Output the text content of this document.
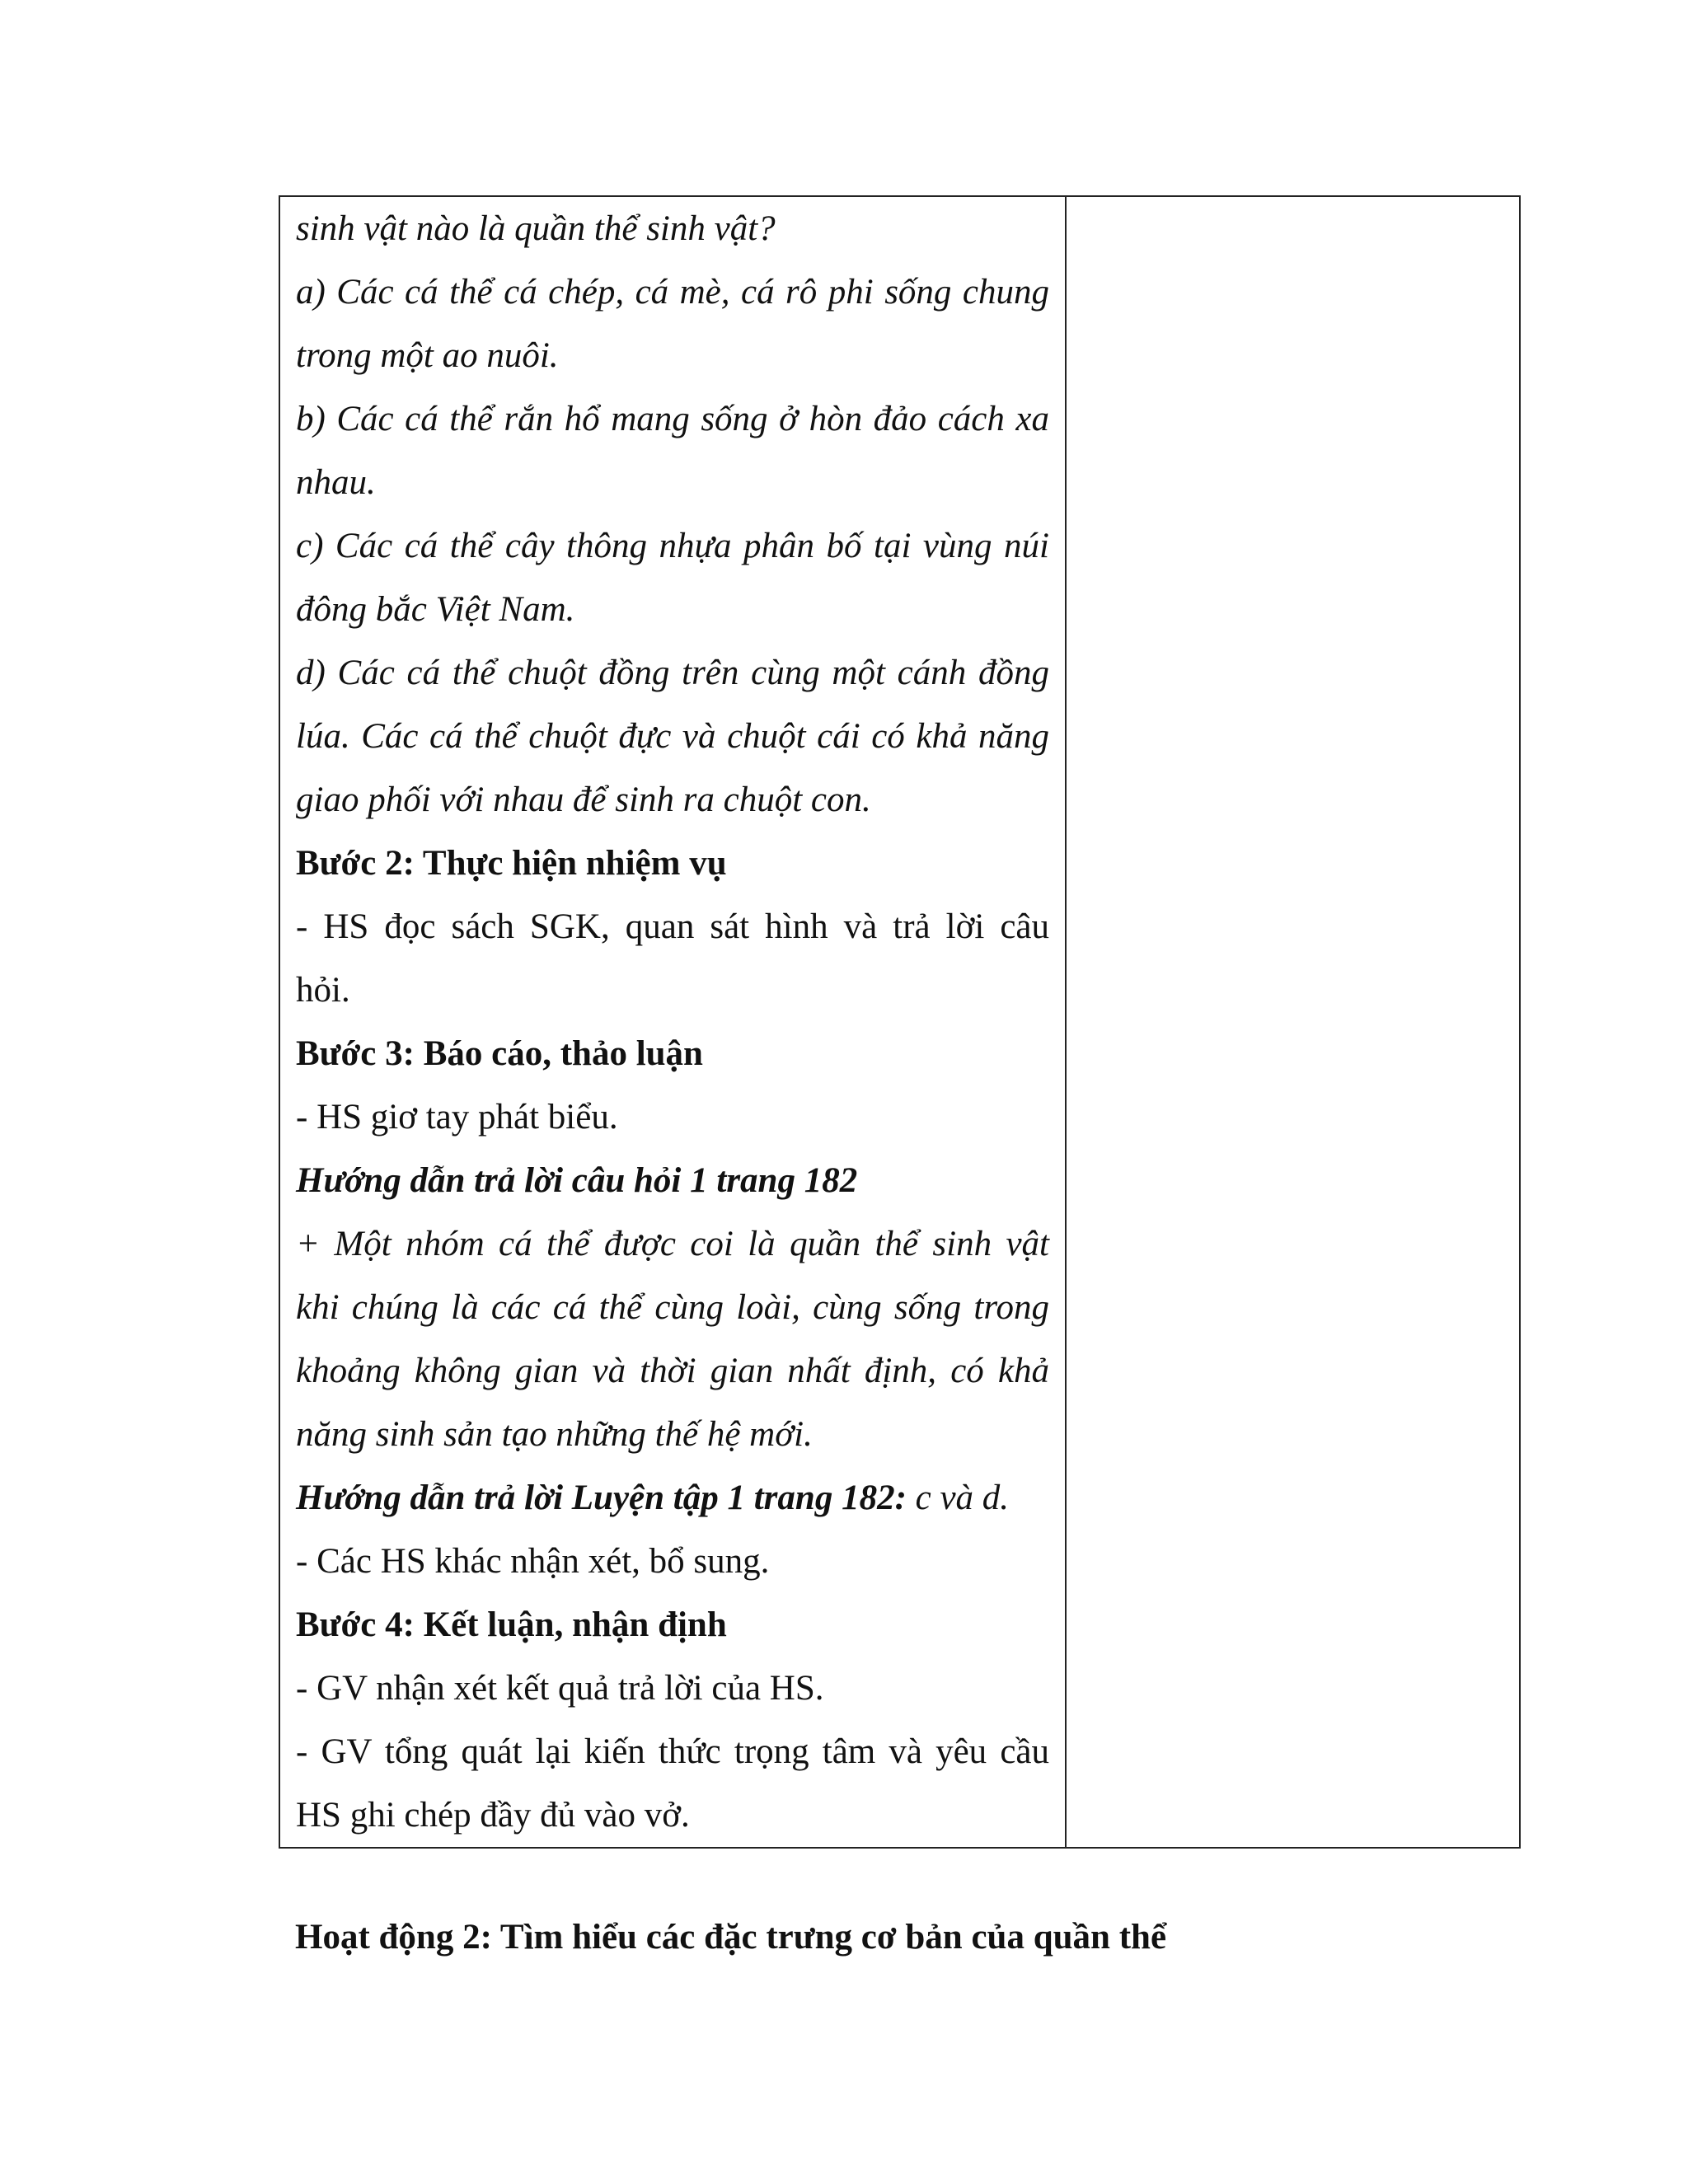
sinh vật nào là quần thể sinh vật?
a) Các cá thể cá chép, cá mè, cá rô phi sống chung
trong một ao nuôi.
b) Các cá thể rắn hổ mang sống ở hòn đảo cách xa
nhau.
c) Các cá thể cây thông nhựa phân bố tại vùng núi
đông bắc Việt Nam.
d) Các cá thể chuột đồng trên cùng một cánh đồng
lúa. Các cá thể chuột đực và chuột cái có khả năng
giao phối với nhau để sinh ra chuột con.
Bước 2: Thực hiện nhiệm vụ
- HS đọc sách SGK, quan sát hình và trả lời câu
hỏi.
Bước 3: Báo cáo, thảo luận
- HS giơ tay phát biểu.
Hướng dẫn trả lời câu hỏi 1 trang 182
+ Một nhóm cá thể được coi là quần thể sinh vật
khi chúng là các cá thể cùng loài, cùng sống trong
khoảng không gian và thời gian nhất định, có khả
năng sinh sản tạo những thế hệ mới.
Hướng dẫn trả lời Luyện tập 1 trang 182: c và d.
- Các HS khác nhận xét, bổ sung.
Bước 4: Kết luận, nhận định
- GV nhận xét kết quả trả lời của HS.
- GV tổng quát lại kiến thức trọng tâm và yêu cầu
HS ghi chép đầy đủ vào vở.

Hoạt động 2: Tìm hiểu các đặc trưng cơ bản của quần thể
